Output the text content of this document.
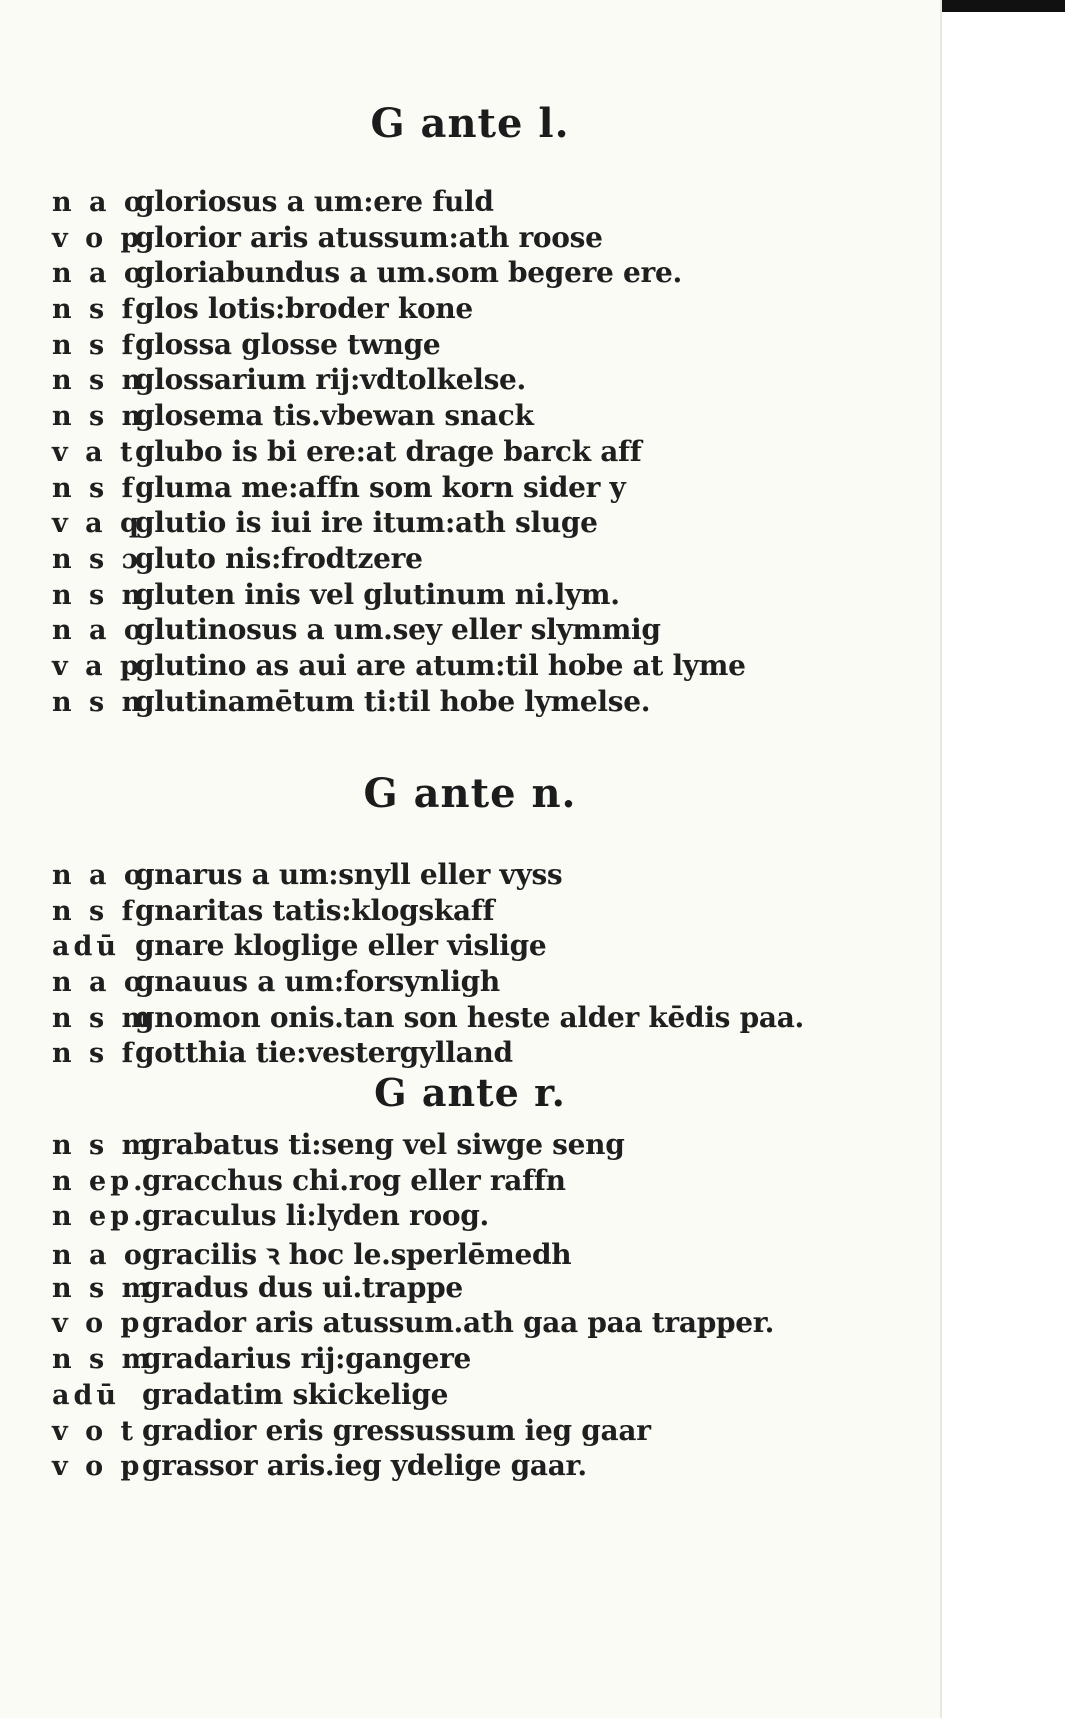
G ante l.
n a o
gloriosus a um:ere fuld
v o p
glorior aris atussum:ath roose
n a o
gloriabundus a um.som begere ere.
n s f
glos lotis:broder kone
n s f
glossa glosse twnge
n s n
glossarium rij:vdtolkelse.
n s n
glosema tis.vbewan snack
v a t
glubo is bi ere:at drage barck aff
n s f
gluma me:affn som korn sider y
v a q
glutio is iui ire itum:ath sluge
n s ɔ
gluto nis:frodtzere
n s n
gluten inis vel glutinum ni.lym.
n a o
glutinosus a um.sey eller slymmig
v a p
glutino as aui are atum:til hobe at lyme
n s n
glutinamētum ti:til hobe lymelse.
G ante n.
n a o
gnarus a um:snyll eller vyss
n s f
gnaritas tatis:klogskaff
adū gnare kloglige eller vislige
n a o
gnauus a um:forsynligh
n s m
gnomon onis.tan son heste alder kēdis paa.
n s f
gotthia tie:vestergylland
G ante r.
n s m
grabatus ti:seng vel siwge seng
n ep.
gracchus chi.rog eller raffn
n ep.
graculus li:lyden roog.
n a o
gracilis ꝛ hoc le.sperlēmedh
n s m
gradus dus ui.trappe
v o p
grador aris atussum.ath gaa paa trapper.
n s m
gradarius rij:gangere
adū gradatim skickelige
v o t gradior eris gressussum ieg gaar
v o p
grassor aris.ieg ydelige gaar.
